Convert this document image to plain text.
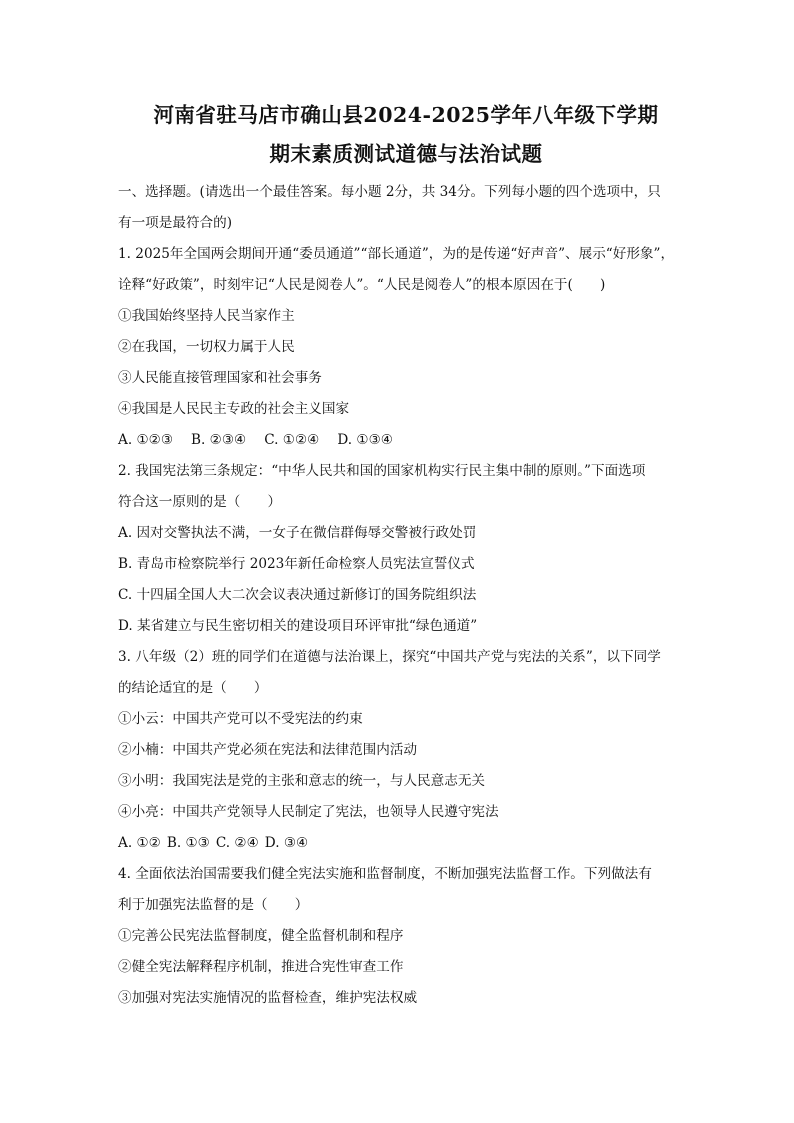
河南省驻马店市确山县2024-2025学年八年级下学期
期末素质测试道德与法治试题

一、选择题。(请选出一个最佳答案。每小题 2分，共 34分。下列每小题的四个选项中，只

有一项是最符合的)

1. 2025年全国两会期间开通“委员通道”“部长通道”，为的是传递“好声音”、展示“好形象”，

诠释“好政策”，时刻牢记“人民是阅卷人”。“人民是阅卷人”的根本原因在于(　　)

①我国始终坚持人民当家作主

②在我国，一切权力属于人民

③人民能直接管理国家和社会事务

④我国是人民民主专政的社会主义国家

A. ①②③ B. ②③④ C. ①②④ D. ①③④

2. 我国宪法第三条规定：“中华人民共和国的国家机构实行民主集中制的原则。”下面选项

符合这一原则的是（　　）

A. 因对交警执法不满，一女子在微信群侮辱交警被行政处罚

B. 青岛市检察院举行 2023年新任命检察人员宪法宣誓仪式

C. 十四届全国人大二次会议表决通过新修订的国务院组织法

D. 某省建立与民生密切相关的建设项目环评审批“绿色通道”

3. 八年级（2）班的同学们在道德与法治课上，探究“中国共产党与宪法的关系”，以下同学

的结论适宜的是（　　）

①小云：中国共产党可以不受宪法的约束

②小楠：中国共产党必须在宪法和法律范围内活动

③小明：我国宪法是党的主张和意志的统一，与人民意志无关

④小亮：中国共产党领导人民制定了宪法，也领导人民遵守宪法

A. ①② B. ①③ C. ②④ D. ③④

4. 全面依法治国需要我们健全宪法实施和监督制度，不断加强宪法监督工作。下列做法有

利于加强宪法监督的是（　　）

①完善公民宪法监督制度，健全监督机制和程序

②健全宪法解释程序机制，推进合宪性审查工作

③加强对宪法实施情况的监督检查，维护宪法权威
